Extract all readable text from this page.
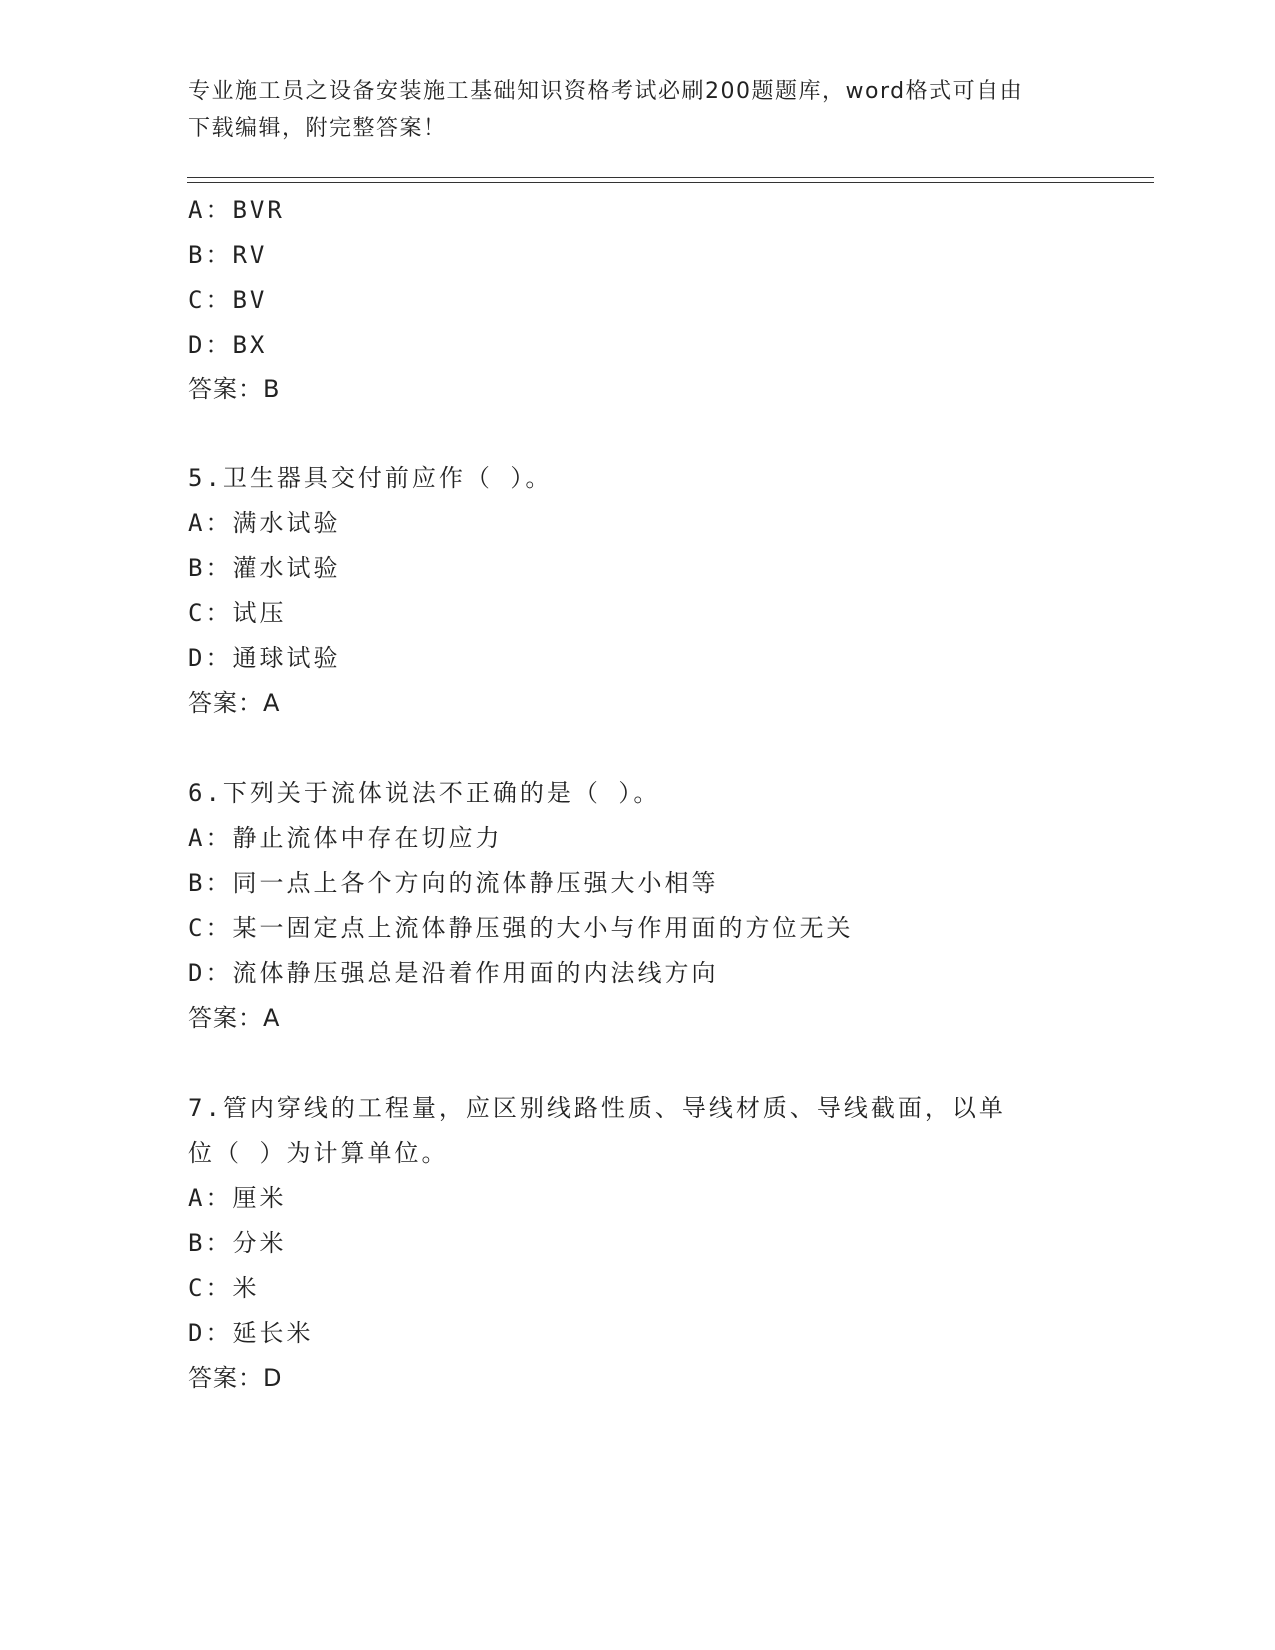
专业施工员之设备安装施工基础知识资格考试必刷200题题库，word格式可自由
下载编辑，附完整答案！
A：BVR
B：RV
C：BV
D：BX
答案：B
5.卫生器具交付前应作（ ）。
A：满水试验
B：灌水试验
C：试压
D：通球试验
答案：A
6.下列关于流体说法不正确的是（ ）。
A：静止流体中存在切应力
B：同一点上各个方向的流体静压强大小相等
C：某一固定点上流体静压强的大小与作用面的方位无关
D：流体静压强总是沿着作用面的内法线方向
答案：A
7.管内穿线的工程量，应区别线路性质、导线材质、导线截面，以单
位（ ）为计算单位。
A：厘米
B：分米
C：米
D：延长米
答案：D
